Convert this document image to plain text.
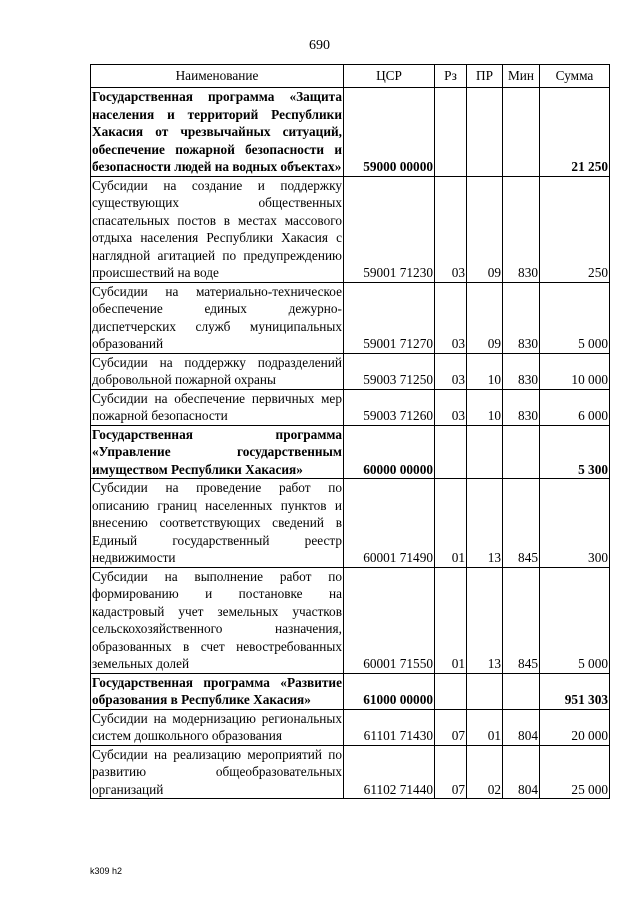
690
Наименование	ЦСР	Рз	ПР	Мин	Сумма
Государственная программа «Защита населения и территорий Республики Хакасия от чрезвычайных ситуаций, обеспечение пожарной безопасности и безопасности людей на водных объектах»	59000 00000				21 250
Субсидии на создание и поддержку существующих общественных спасательных постов в местах массового отдыха населения Республики Хакасия с наглядной агитацией по предупреждению происшествий на воде	59001 71230	03	09	830	250
Субсидии на материально-техническое обеспечение единых дежурно-диспетчерских служб муниципальных образований	59001 71270	03	09	830	5 000
Субсидии на поддержку подразделений добровольной пожарной охраны	59003 71250	03	10	830	10 000
Субсидии на обеспечение первичных мер пожарной безопасности	59003 71260	03	10	830	6 000
Государственная программа «Управление государственным имуществом Республики Хакасия»	60000 00000				5 300
Субсидии на проведение работ по описанию границ населенных пунктов и внесению соответствующих сведений в Единый государственный реестр недвижимости	60001 71490	01	13	845	300
Субсидии на выполнение работ по формированию и постановке на кадастровый учет земельных участков сельскохозяйственного назначения, образованных в счет невостребованных земельных долей	60001 71550	01	13	845	5 000
Государственная программа «Развитие образования в Республике Хакасия»	61000 00000				951 303
Субсидии на модернизацию региональных систем дошкольного образования	61101 71430	07	01	804	20 000
Субсидии на реализацию мероприятий по развитию общеобразовательных организаций	61102 71440	07	02	804	25 000
k309 h2
